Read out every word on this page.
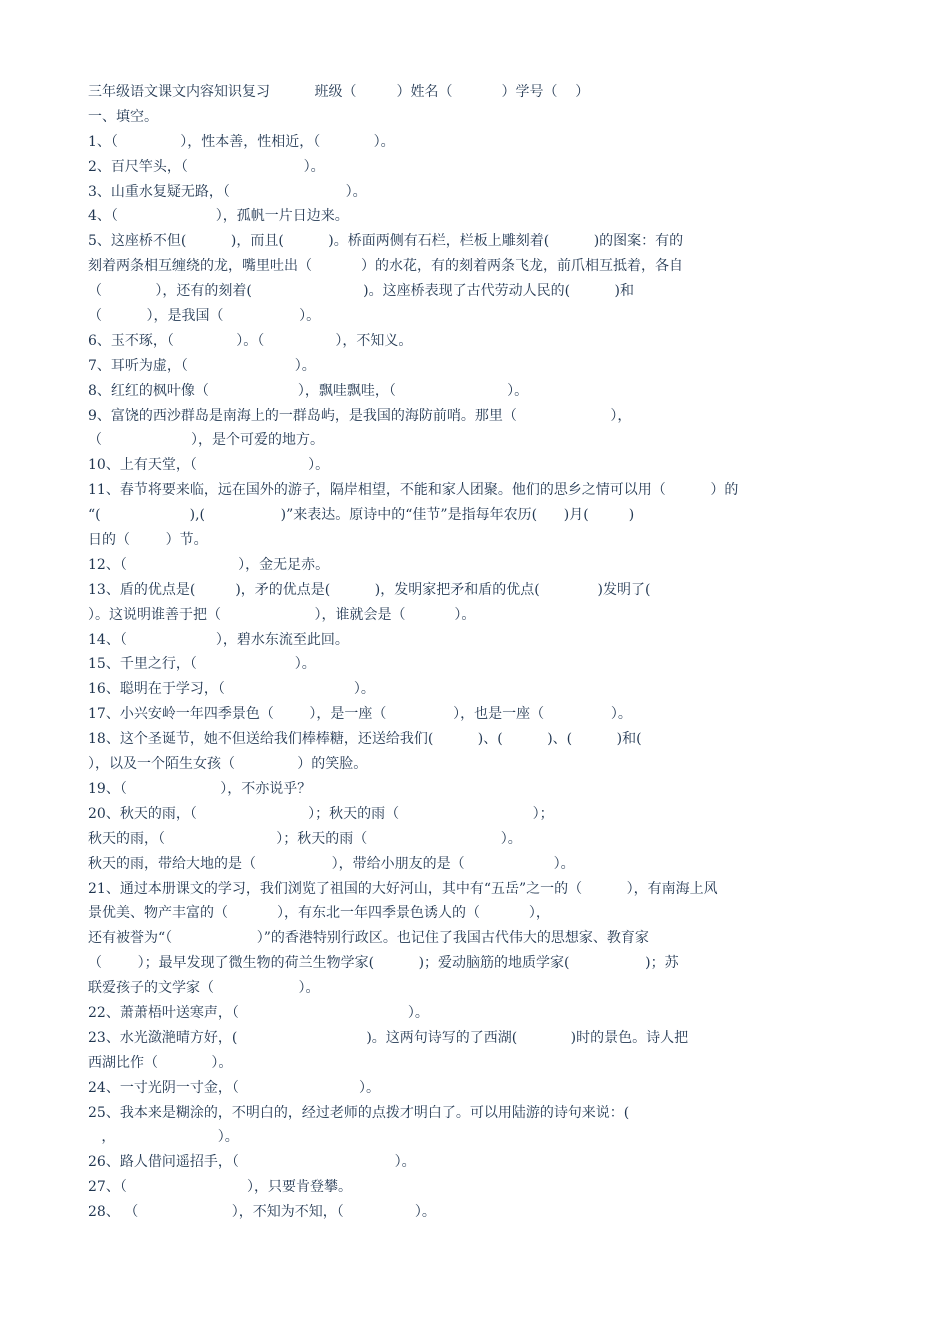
三年级语文课文内容知识复习          班级（         ）姓名（           ）学号（    ）
一、填空。
1、（              ），性本善，性相近，（            ）。
2、百尺竿头，（                          ）。
3、山重水复疑无路，（                          ）。
4、（                      ），孤帆一片日边来。
5、这座桥不但(          )，而且(          )。桥面两侧有石栏，栏板上雕刻着(          )的图案：有的
刻着两条相互缠绕的龙，嘴里吐出（           ）的水花，有的刻着两条飞龙，前爪相互抵着，各自
（            ），还有的刻着(                         )。这座桥表现了古代劳动人民的(          )和
（          ），是我国（                 ）。
6、玉不琢，（              ）。（                ），不知义。
7、耳听为虚，（                        ）。
8、红红的枫叶像（                    ），飘哇飘哇，（                         ）。
9、富饶的西沙群岛是南海上的一群岛屿，是我国的海防前哨。那里（                     ），
（                    ），是个可爱的地方。
10、上有天堂，（                         ）。
11、春节将要来临，远在国外的游子，隔岸相望，不能和家人团聚。他们的思乡之情可以用（          ）的
“(                    ),(                 )”来表达。原诗中的“佳节”是指每年农历(      )月(         )
日的（        ）节。
12、（                         ），金无足赤。
13、盾的优点是(         )，矛的优点是(          )，发明家把矛和盾的优点(             )发明了(
）。这说明谁善于把（                     ），谁就会是（           ）。
14、（                    ），碧水东流至此回。
15、千里之行，（                      ）。
16、聪明在于学习，（                             ）。
17、小兴安岭一年四季景色（        ），是一座（               ），也是一座（               ）。
18、这个圣诞节，她不但送给我们棒棒糖，还送给我们(          )、(          )、(          )和(
），以及一个陌生女孩（              ）的笑脸。
19、（                     ），不亦说乎？
20、秋天的雨，（                         ）；秋天的雨（                              ）；
秋天的雨，（                         ）；秋天的雨（                              ）。
秋天的雨，带给大地的是（                 ），带给小朋友的是（                    ）。
21、通过本册课文的学习，我们浏览了祖国的大好河山，其中有“五岳”之一的（          ），有南海上风
景优美、物产丰富的（           ），有东北一年四季景色诱人的（           ），
还有被誉为“（                   ）”的香港特别行政区。也记住了我国古代伟大的思想家、教育家
（        ）；最早发现了微生物的荷兰生物学家(          )；爱动脑筋的地质学家(                 )；苏
联爱孩子的文学家（                   ）。
22、萧萧梧叶送寒声，（                                      ）。
23、水光潋滟晴方好，(                             )。这两句诗写的了西湖(            )时的景色。诗人把
西湖比作（            ）。
24、一寸光阴一寸金，（                           ）。
25、我本来是糊涂的，不明白的，经过老师的点拨才明白了。可以用陆游的诗句来说：(
，                       ）。
26、路人借问遥招手，（                                   ）。
27、（                           ），只要肯登攀。
28、 （                     ），不知为不知，（                ）。
